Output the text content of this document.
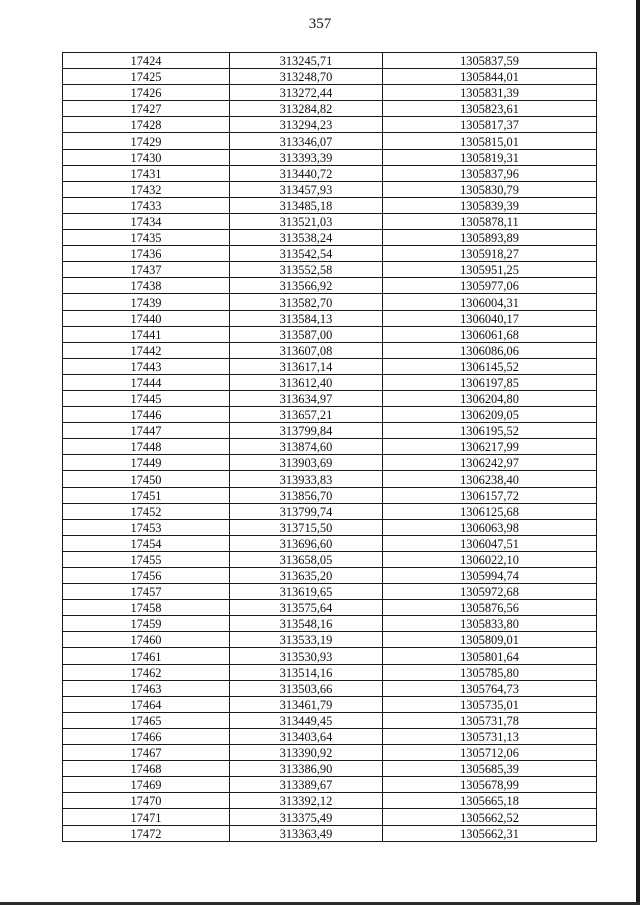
357
17424	313245,71	1305837,59
17425	313248,70	1305844,01
17426	313272,44	1305831,39
17427	313284,82	1305823,61
17428	313294,23	1305817,37
17429	313346,07	1305815,01
17430	313393,39	1305819,31
17431	313440,72	1305837,96
17432	313457,93	1305830,79
17433	313485,18	1305839,39
17434	313521,03	1305878,11
17435	313538,24	1305893,89
17436	313542,54	1305918,27
17437	313552,58	1305951,25
17438	313566,92	1305977,06
17439	313582,70	1306004,31
17440	313584,13	1306040,17
17441	313587,00	1306061,68
17442	313607,08	1306086,06
17443	313617,14	1306145,52
17444	313612,40	1306197,85
17445	313634,97	1306204,80
17446	313657,21	1306209,05
17447	313799,84	1306195,52
17448	313874,60	1306217,99
17449	313903,69	1306242,97
17450	313933,83	1306238,40
17451	313856,70	1306157,72
17452	313799,74	1306125,68
17453	313715,50	1306063,98
17454	313696,60	1306047,51
17455	313658,05	1306022,10
17456	313635,20	1305994,74
17457	313619,65	1305972,68
17458	313575,64	1305876,56
17459	313548,16	1305833,80
17460	313533,19	1305809,01
17461	313530,93	1305801,64
17462	313514,16	1305785,80
17463	313503,66	1305764,73
17464	313461,79	1305735,01
17465	313449,45	1305731,78
17466	313403,64	1305731,13
17467	313390,92	1305712,06
17468	313386,90	1305685,39
17469	313389,67	1305678,99
17470	313392,12	1305665,18
17471	313375,49	1305662,52
17472	313363,49	1305662,31
